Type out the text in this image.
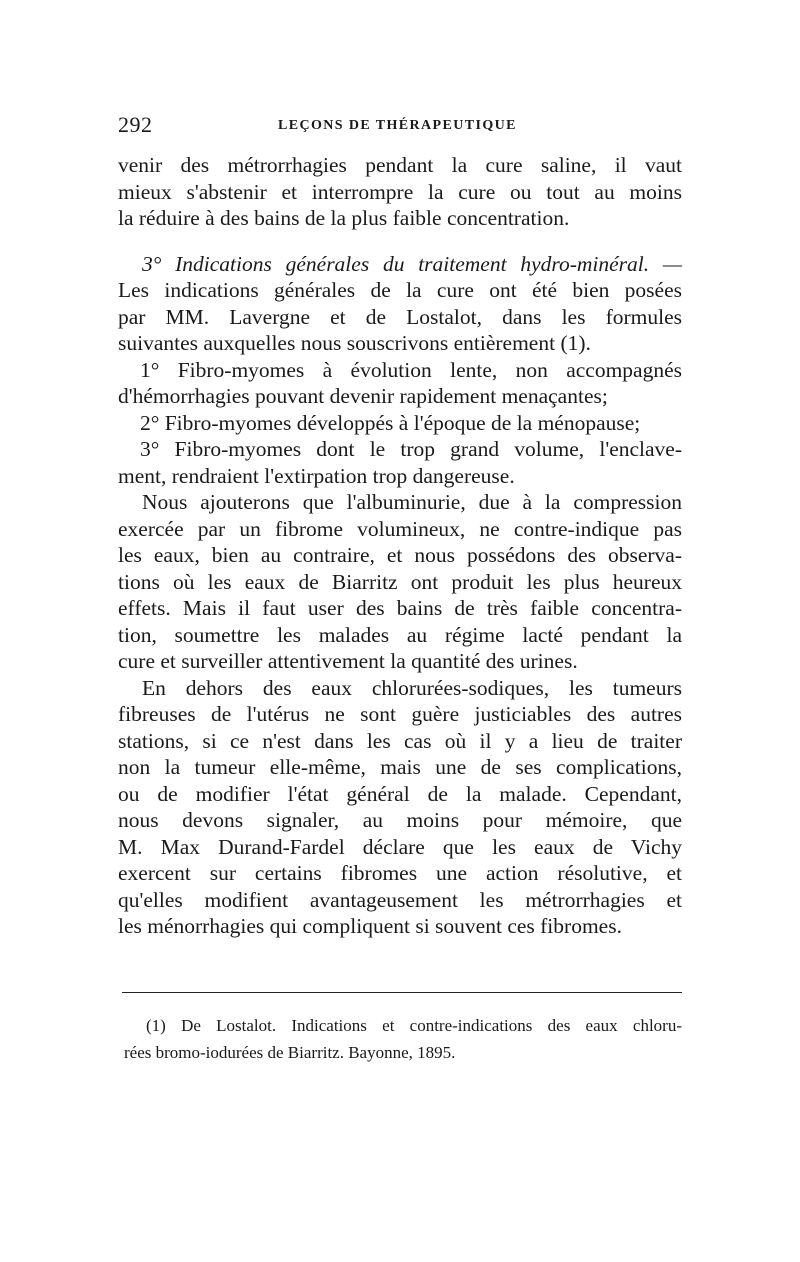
292	LEÇONS DE THÉRAPEUTIQUE
venir des métrorrhagies pendant la cure saline, il vaut
mieux s'abstenir et interrompre la cure ou tout au moins
la réduire à des bains de la plus faible concentration.
3° Indications générales du traitement hydro-minéral. —
Les indications générales de la cure ont été bien posées
par MM. Lavergne et de Lostalot, dans les formules
suivantes auxquelles nous souscrivons entièrement (1).
1° Fibro-myomes à évolution lente, non accompagnés
d'hémorrhagies pouvant devenir rapidement menaçantes;
2° Fibro-myomes développés à l'époque de la ménopause;
3° Fibro-myomes dont le trop grand volume, l'enclave-
ment, rendraient l'extirpation trop dangereuse.
Nous ajouterons que l'albuminurie, due à la compression
exercée par un fibrome volumineux, ne contre-indique pas
les eaux, bien au contraire, et nous possédons des observa-
tions où les eaux de Biarritz ont produit les plus heureux
effets. Mais il faut user des bains de très faible concentra-
tion, soumettre les malades au régime lacté pendant la
cure et surveiller attentivement la quantité des urines.
En dehors des eaux chlorurées-sodiques, les tumeurs
fibreuses de l'utérus ne sont guère justiciables des autres
stations, si ce n'est dans les cas où il y a lieu de traiter
non la tumeur elle-même, mais une de ses complications,
ou de modifier l'état général de la malade. Cependant,
nous devons signaler, au moins pour mémoire, que
M. Max Durand-Fardel déclare que les eaux de Vichy
exercent sur certains fibromes une action résolutive, et
qu'elles modifient avantageusement les métrorrhagies et
les ménorrhagies qui compliquent si souvent ces fibromes.
(1) De Lostalot. Indications et contre-indications des eaux chloru-
rées bromo-iodurées de Biarritz. Bayonne, 1895.
